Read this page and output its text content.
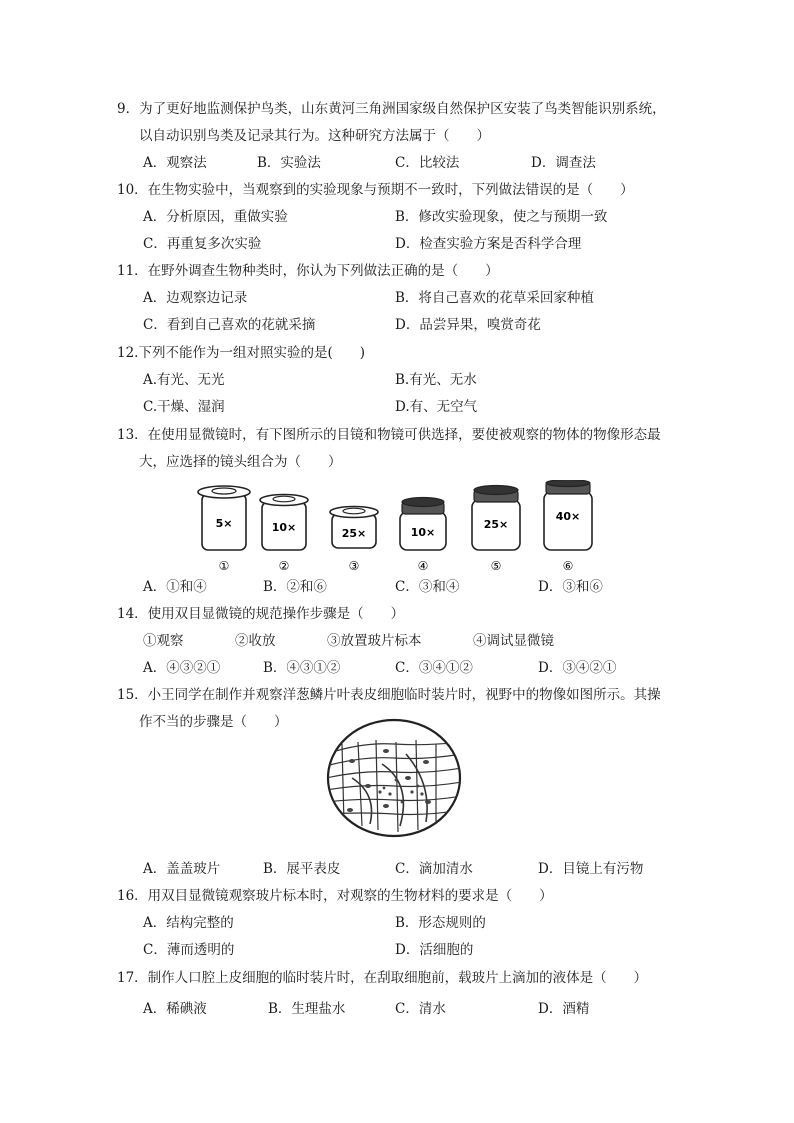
9．为了更好地监测保护鸟类，山东黄河三角洲国家级自然保护区安装了鸟类智能识别系统，
以自动识别鸟类及记录其行为。这种研究方法属于（　　）
A．观察法	B．实验法	C．比较法	D．调查法
10．在生物实验中，当观察到的实验现象与预期不一致时，下列做法错误的是（　　）
A．分析原因，重做实验	B．修改实验现象，使之与预期一致
C．再重复多次实验	D．检查实验方案是否科学合理
11．在野外调查生物种类时，你认为下列做法正确的是（　　）
A．边观察边记录	B．将自己喜欢的花草采回家种植
C．看到自己喜欢的花就采摘	D．品尝异果，嗅赏奇花
12.下列不能作为一组对照实验的是(　　)
A.有光、无光	B.有光、无水
C.干燥、湿润	D.有、无空气
13．在使用显微镜时，有下图所示的目镜和物镜可供选择，要使被观察的物体的物像形态最
大，应选择的镜头组合为（　　）
5×
①
10×
②
25×
③
10×
④
25×
⑤
40×
⑥
A．①和④	B．②和⑥	C．③和④	D．③和⑥
14．使用双目显微镜的规范操作步骤是（　　）
①观察	②收放	③放置玻片标本	④调试显微镜
A．④③②①	B．④③①②	C．③④①②	D．③④②①
15．小王同学在制作并观察洋葱鳞片叶表皮细胞临时装片时，视野中的物像如图所示。其操
作不当的步骤是（　　）
A．盖盖玻片	B．展平表皮	C．滴加清水	D．目镜上有污物
16．用双目显微镜观察玻片标本时，对观察的生物材料的要求是（　　）
A．结构完整的	B．形态规则的
C．薄而透明的	D．活细胞的
17．制作人口腔上皮细胞的临时装片时，在刮取细胞前，载玻片上滴加的液体是（　　）
A．稀碘液	B．生理盐水	C．清水	D．酒精
